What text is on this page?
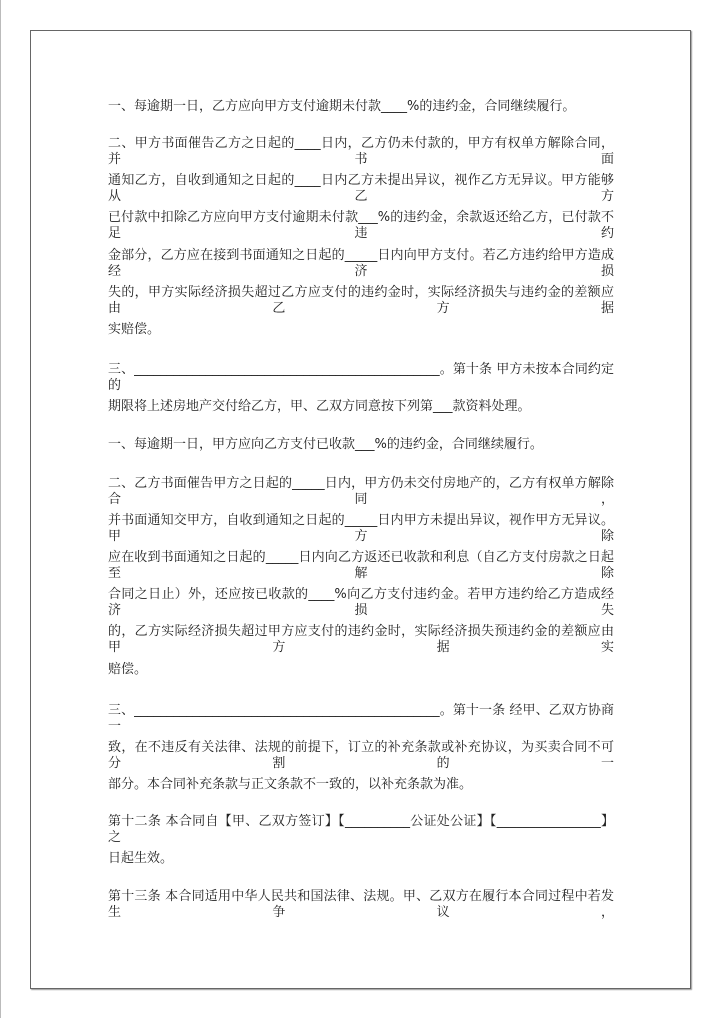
一、每逾期一日，乙方应向甲方支付逾期未付款____%的违约金，合同继续履行。
二、甲方书面催告乙方之日起的____日内，乙方仍未付款的，甲方有权单方解除合同，并书面
通知乙方，自收到通知之日起的____日内乙方未提出异议，视作乙方无异议。甲方能够从乙方
已付款中扣除乙方应向甲方支付逾期未付款___%的违约金，余款返还给乙方，已付款不足违约
金部分，乙方应在接到书面通知之日起的_____日内向甲方支付。若乙方违约给甲方造成经济损
失的，甲方实际经济损失超过乙方应支付的违约金时，实际经济损失与违约金的差额应由乙方据
实赔偿。
三、_______________________________________________。第十条 甲方未按本合同约定的
期限将上述房地产交付给乙方，甲、乙双方同意按下列第___款资料处理。
一、每逾期一日，甲方应向乙方支付已收款___%的违约金，合同继续履行。
二、乙方书面催告甲方之日起的_____日内，甲方仍未交付房地产的，乙方有权单方解除合同，
并书面通知交甲方，自收到通知之日起的_____日内甲方未提出异议，视作甲方无异议。甲方除
应在收到书面通知之日起的_____日内向乙方返还已收款和利息（自乙方支付房款之日起至解除
合同之日止）外，还应按已收款的____%向乙方支付违约金。若甲方违约给乙方造成经济损失
的，乙方实际经济损失超过甲方应支付的违约金时，实际经济损失预违约金的差额应由甲方据实
赔偿。
三、_______________________________________________。第十一条 经甲、乙双方协商一
致，在不违反有关法律、法规的前提下，订立的补充条款或补充协议，为买卖合同不可分割的一
部分。本合同补充条款与正文条款不一致的，以补充条款为准。
第十二条 本合同自【甲、乙双方签订】【__________公证处公证】【________________】之
日起生效。
第十三条 本合同适用中华人民共和国法律、法规。甲、乙双方在履行本合同过程中若发生争议，
